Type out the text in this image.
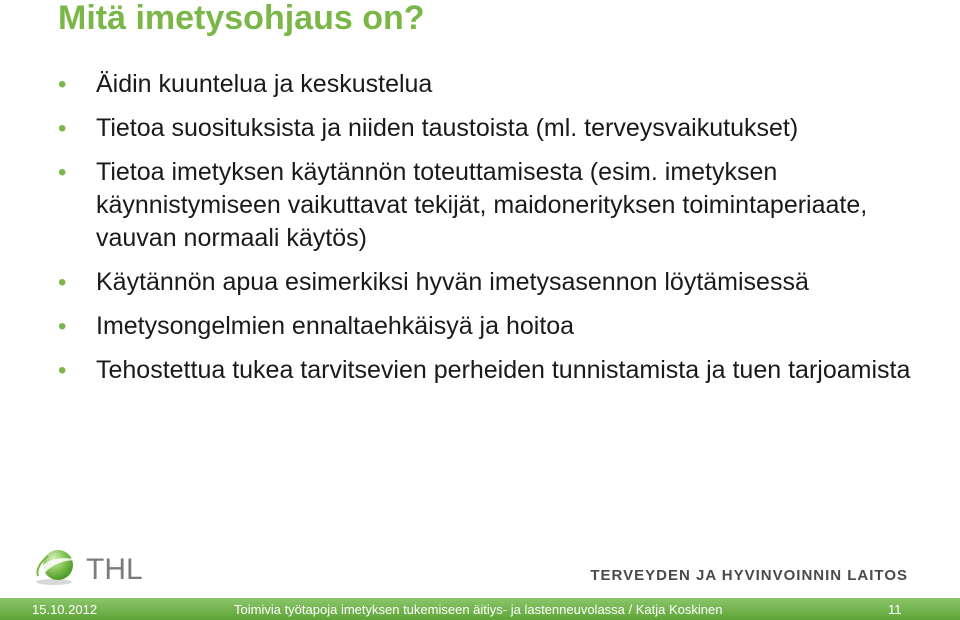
Mitä imetysohjaus on?
•	Äidin kuuntelua ja keskustelua
•	Tietoa suosituksista ja niiden taustoista (ml. terveysvaikutukset)
•	Tietoa imetyksen käytännön toteuttamisesta (esim. imetyksen käynnistymiseen vaikuttavat tekijät, maidonerityksen toimintaperiaate, vauvan normaali käytös)
•	Käytännön apua esimerkiksi hyvän imetysasennon löytämisessä
•	Imetysongelmien ennaltaehkäisyä ja hoitoa
•	Tehostettua tukea tarvitsevien perheiden tunnistamista ja tuen tarjoamista
THL	TERVEYDEN JA HYVINVOINNIN LAITOS
15.10.2012	Toimivia työtapoja imetyksen tukemiseen äitiys- ja lastenneuvolassa / Katja Koskinen	11
